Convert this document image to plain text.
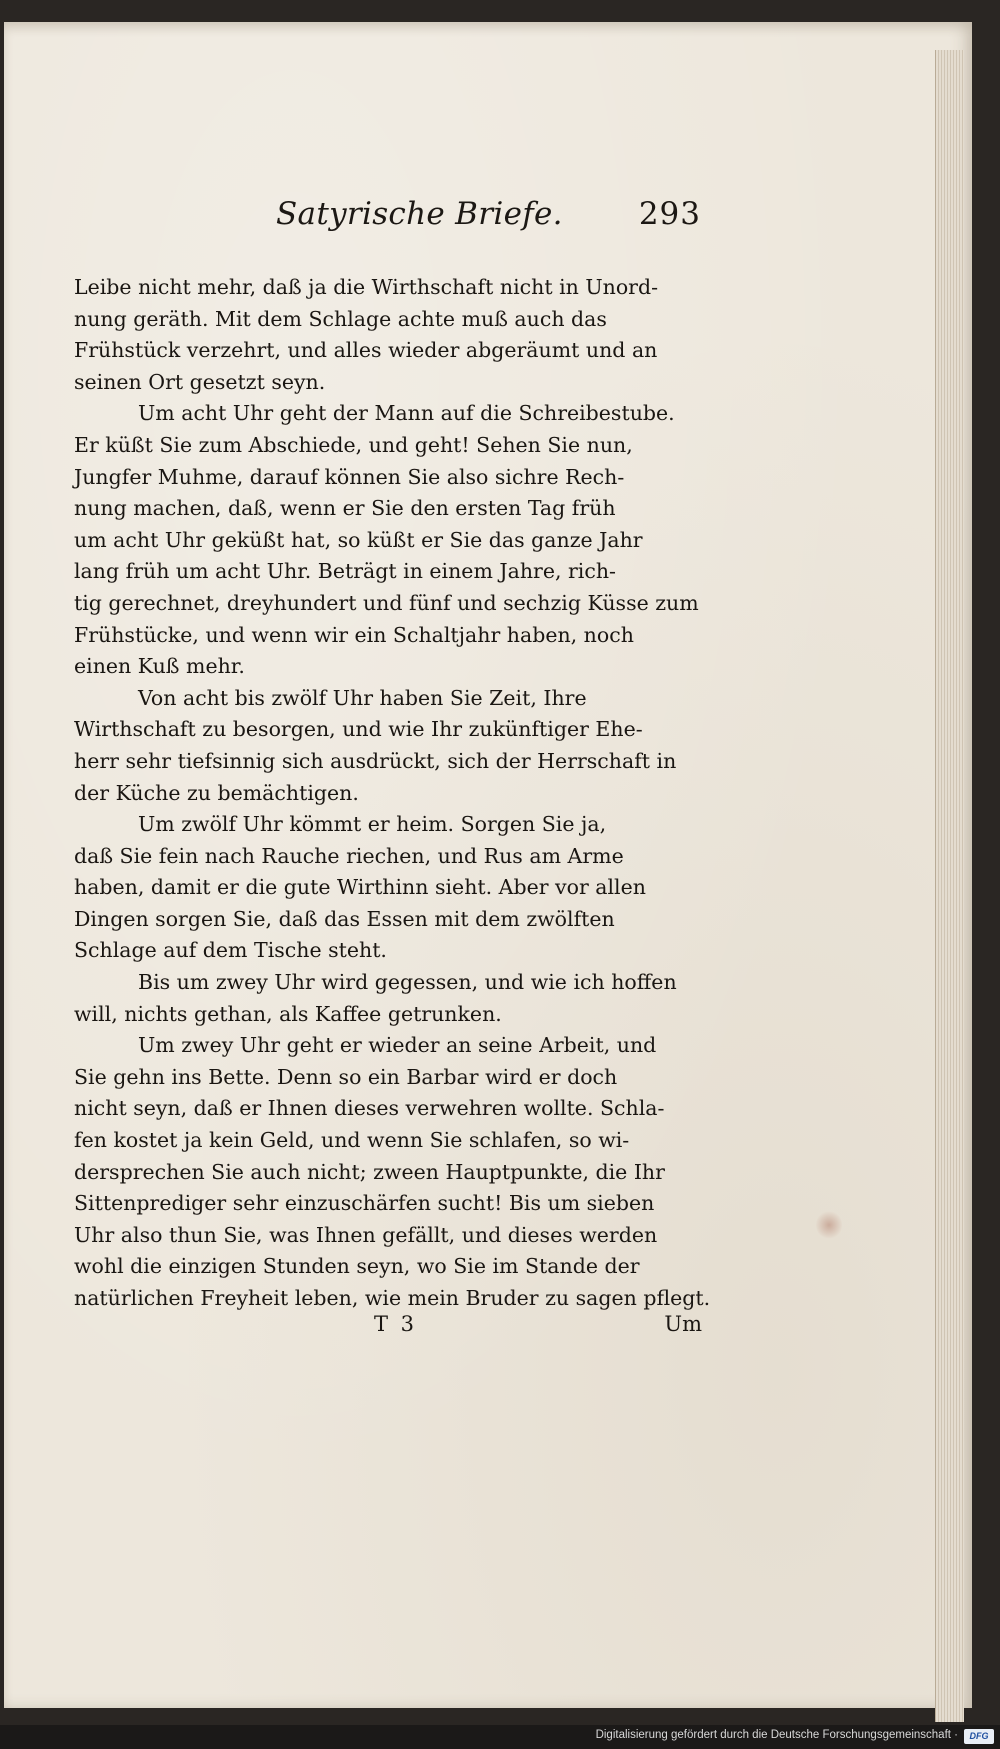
Satyrische Briefe. 293
Leibe nicht mehr, daß ja die Wirthschaft nicht in Unord-
nung geräth. Mit dem Schlage achte muß auch das
Frühstück verzehrt, und alles wieder abgeräumt und an
seinen Ort gesetzt seyn.
Um acht Uhr geht der Mann auf die Schreibestube.
Er küßt Sie zum Abschiede, und geht! Sehen Sie nun,
Jungfer Muhme, darauf können Sie also sichre Rech-
nung machen, daß, wenn er Sie den ersten Tag früh
um acht Uhr geküßt hat, so küßt er Sie das ganze Jahr
lang früh um acht Uhr. Beträgt in einem Jahre, rich-
tig gerechnet, dreyhundert und fünf und sechzig Küsse zum
Frühstücke, und wenn wir ein Schaltjahr haben, noch
einen Kuß mehr.
Von acht bis zwölf Uhr haben Sie Zeit, Ihre
Wirthschaft zu besorgen, und wie Ihr zukünftiger Ehe-
herr sehr tiefsinnig sich ausdrückt, sich der Herrschaft in
der Küche zu bemächtigen.
Um zwölf Uhr kömmt er heim. Sorgen Sie ja,
daß Sie fein nach Rauche riechen, und Rus am Arme
haben, damit er die gute Wirthinn sieht. Aber vor allen
Dingen sorgen Sie, daß das Essen mit dem zwölften
Schlage auf dem Tische steht.
Bis um zwey Uhr wird gegessen, und wie ich hoffen
will, nichts gethan, als Kaffee getrunken.
Um zwey Uhr geht er wieder an seine Arbeit, und
Sie gehn ins Bette. Denn so ein Barbar wird er doch
nicht seyn, daß er Ihnen dieses verwehren wollte. Schla-
fen kostet ja kein Geld, und wenn Sie schlafen, so wi-
dersprechen Sie auch nicht; zween Hauptpunkte, die Ihr
Sittenprediger sehr einzuschärfen sucht! Bis um sieben
Uhr also thun Sie, was Ihnen gefällt, und dieses werden
wohl die einzigen Stunden seyn, wo Sie im Stande der
natürlichen Freyheit leben, wie mein Bruder zu sagen pflegt.
T 3	Um
Digitalisierung gefördert durch die Deutsche Forschungsgemeinschaft ·	DFG
